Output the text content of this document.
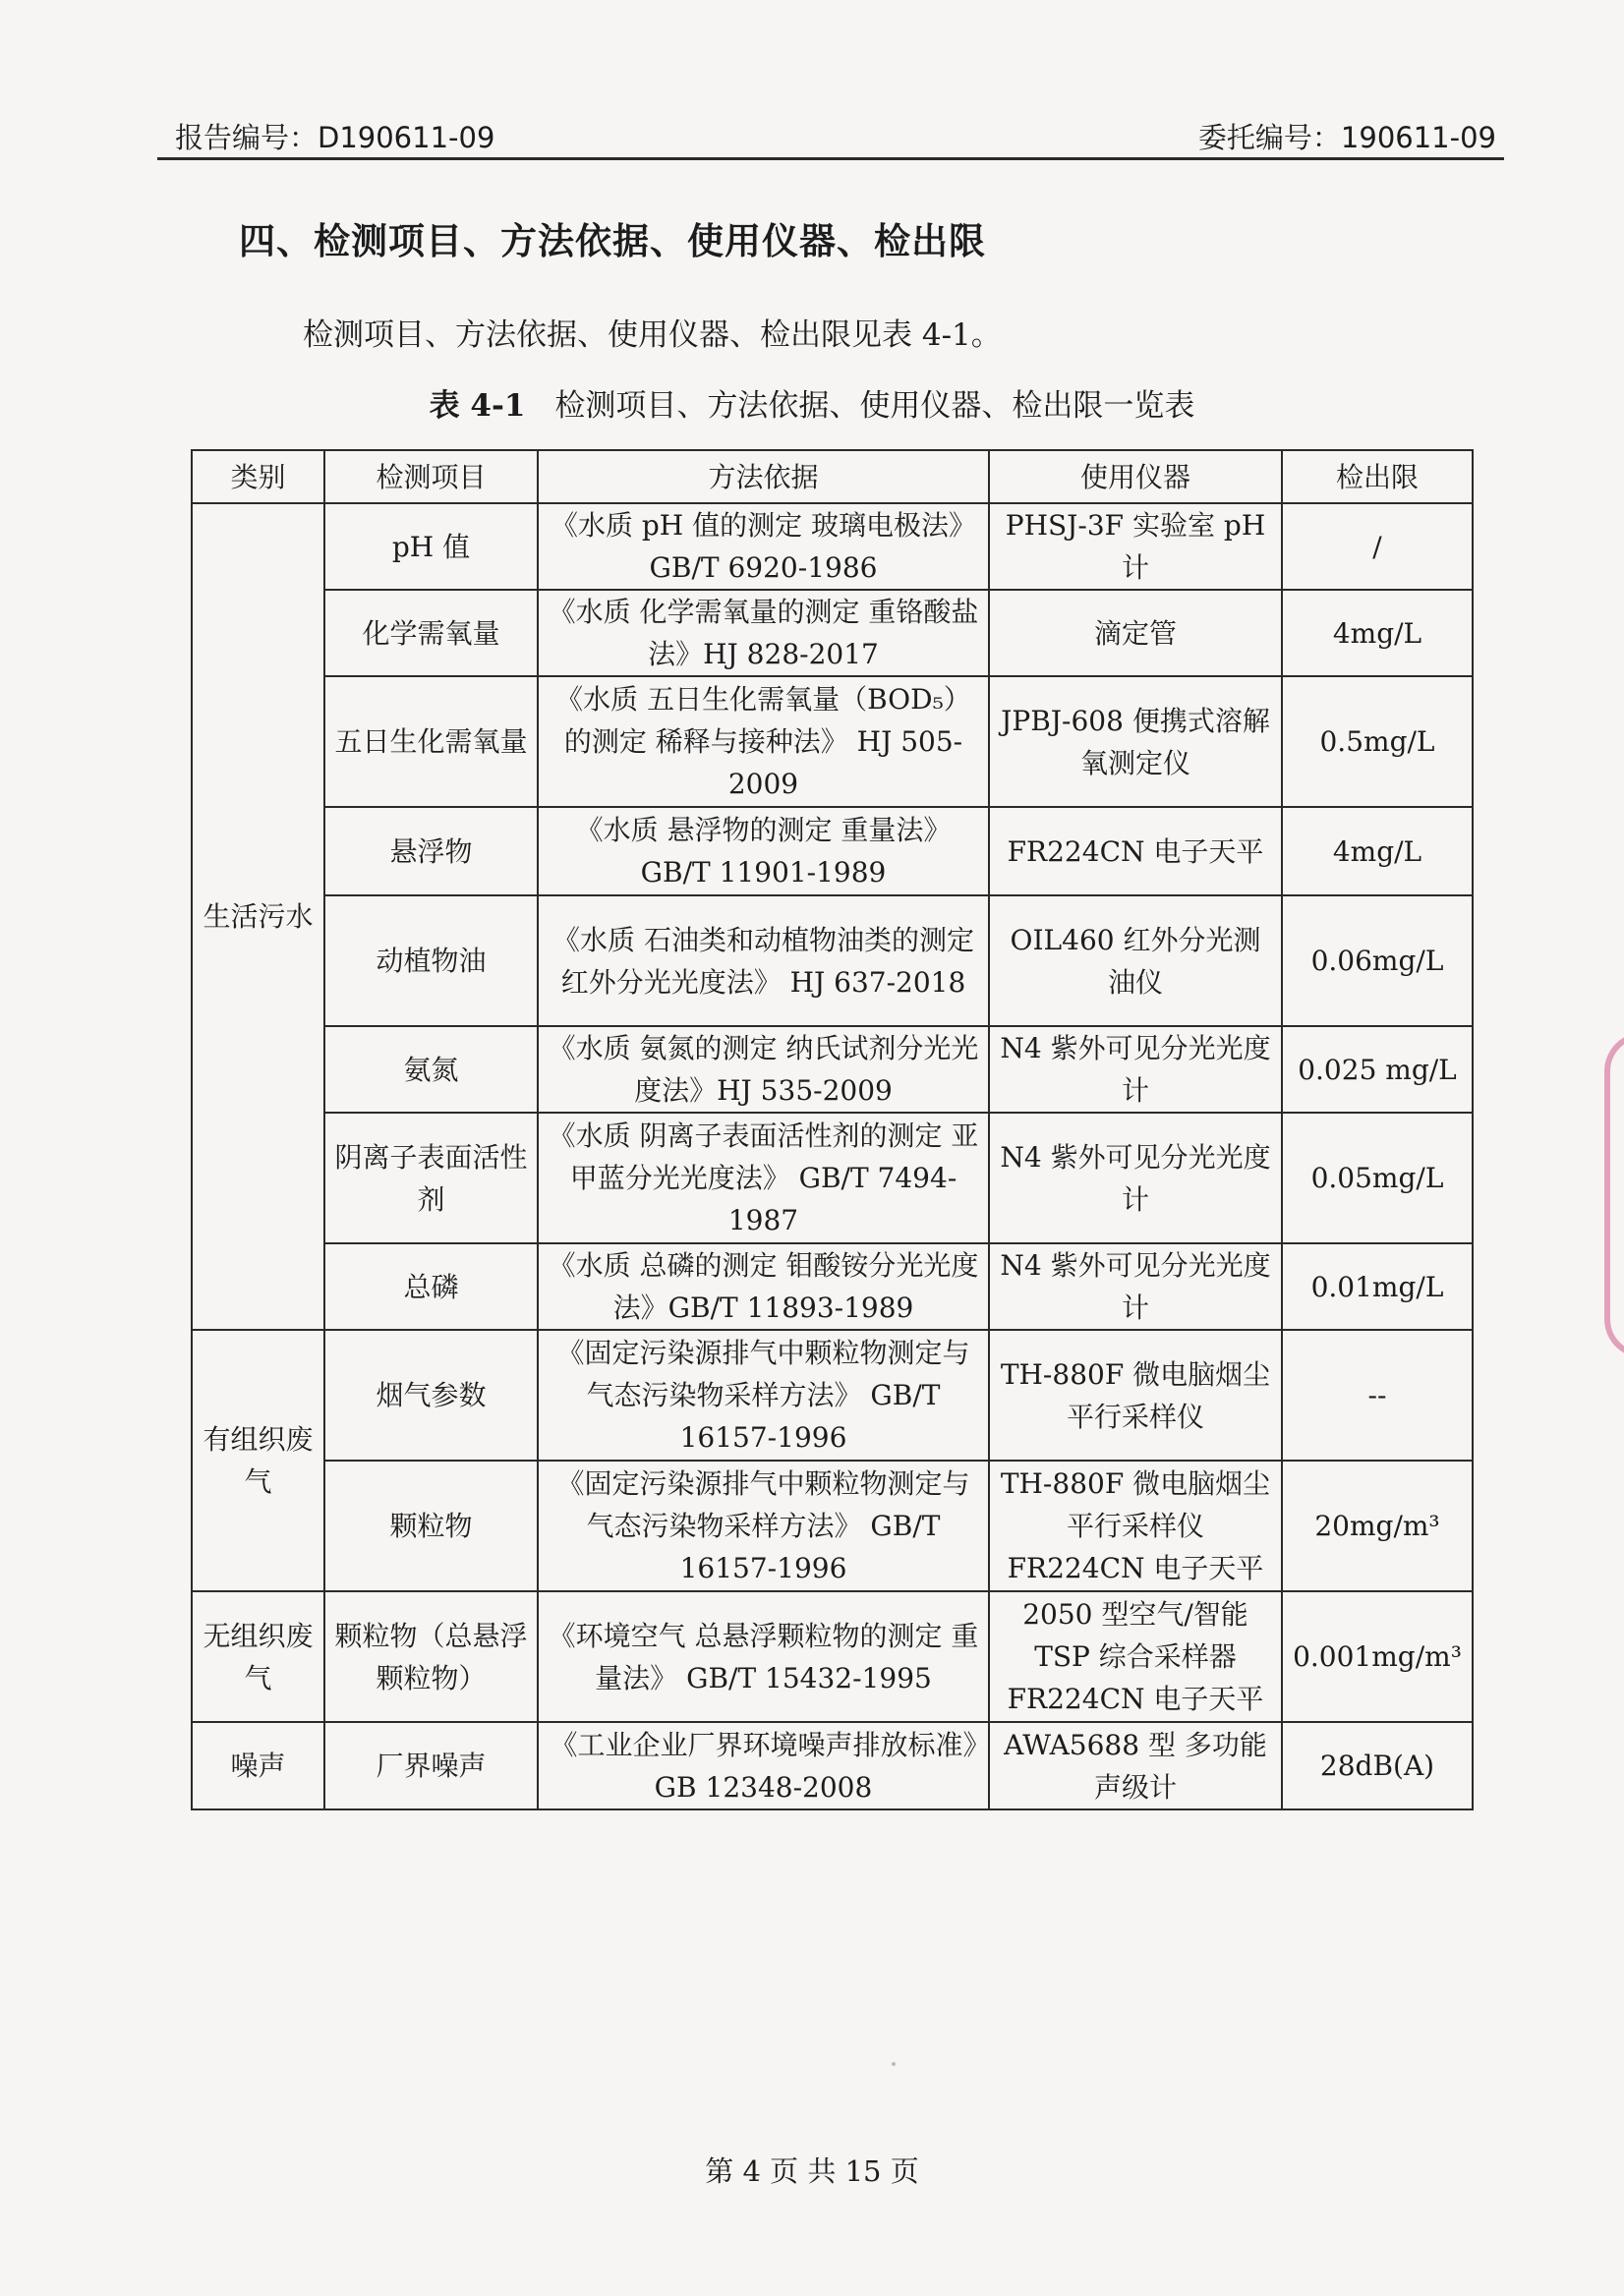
报告编号：D190611-09	委托编号：190611-09
四、检测项目、方法依据、使用仪器、检出限
检测项目、方法依据、使用仪器、检出限见表 4-1。
表 4-1 检测项目、方法依据、使用仪器、检出限一览表
类别	检测项目	方法依据	使用仪器	检出限
生活污水	pH 值	《水质 pH 值的测定 玻璃电极法》 GB/T 6920-1986	PHSJ-3F 实验室 pH 计	/
	化学需氧量	《水质 化学需氧量的测定 重铬酸盐法》HJ 828-2017	滴定管	4mg/L
	五日生化需氧量	《水质 五日生化需氧量（BOD₅）的测定 稀释与接种法》 HJ 505-2009	JPBJ-608 便携式溶解氧测定仪	0.5mg/L
	悬浮物	《水质 悬浮物的测定 重量法》 GB/T 11901-1989	FR224CN 电子天平	4mg/L
	动植物油	《水质 石油类和动植物油类的测定 红外分光光度法》 HJ 637-2018	OIL460 红外分光测油仪	0.06mg/L
	氨氮	《水质 氨氮的测定 纳氏试剂分光光度法》HJ 535-2009	N4 紫外可见分光光度计	0.025 mg/L
	阴离子表面活性剂	《水质 阴离子表面活性剂的测定 亚甲蓝分光光度法》 GB/T 7494-1987	N4 紫外可见分光光度计	0.05mg/L
	总磷	《水质 总磷的测定 钼酸铵分光光度法》GB/T 11893-1989	N4 紫外可见分光光度计	0.01mg/L
有组织废气	烟气参数	《固定污染源排气中颗粒物测定与气态污染物采样方法》 GB/T 16157-1996	TH-880F 微电脑烟尘平行采样仪	--
	颗粒物	《固定污染源排气中颗粒物测定与气态污染物采样方法》 GB/T 16157-1996	TH-880F 微电脑烟尘平行采样仪 FR224CN 电子天平	20mg/m³
无组织废气	颗粒物（总悬浮颗粒物）	《环境空气 总悬浮颗粒物的测定 重量法》 GB/T 15432-1995	2050 型空气/智能 TSP 综合采样器 FR224CN 电子天平	0.001mg/m³
噪声	厂界噪声	《工业企业厂界环境噪声排放标准》GB 12348-2008	AWA5688 型 多功能声级计	28dB(A)
第 4 页 共 15 页
